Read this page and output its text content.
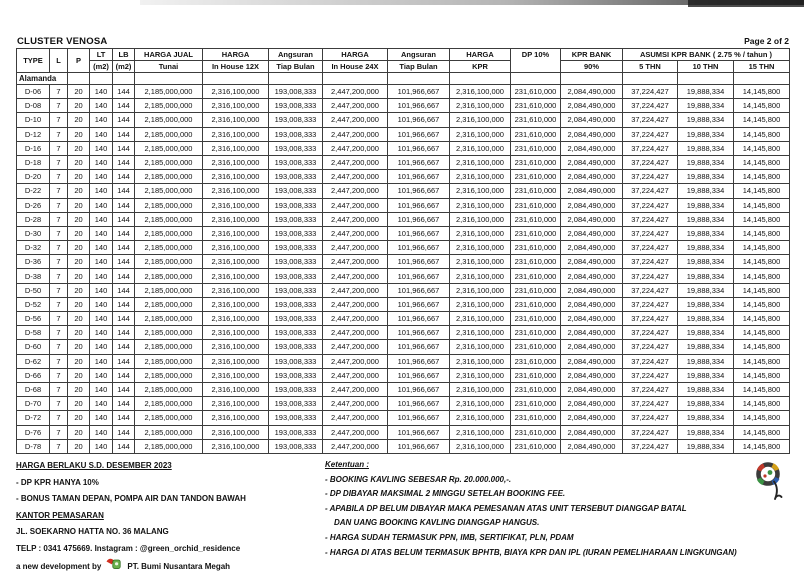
CLUSTER VENOSA	Page 2 of 2
TYPE	L	P	LT	LB	HARGA JUAL	HARGA	Angsuran	HARGA	Angsuran	HARGA	DP 10%	KPR BANK	ASUMSI KPR BANK ( 2.75 % / tahun )		
			(m2)	(m2)	Tunai	In House 12X	Tiap Bulan	In House 24X	Tiap Bulan	KPR		90%	5 THN	10 THN	15 THN
Alamanda															
D-06	7	20	140	144	2,185,000,000	2,316,100,000	193,008,333	2,447,200,000	101,966,667	2,316,100,000	231,610,000	2,084,490,000	37,224,427	19,888,334	14,145,800
D-08	7	20	140	144	2,185,000,000	2,316,100,000	193,008,333	2,447,200,000	101,966,667	2,316,100,000	231,610,000	2,084,490,000	37,224,427	19,888,334	14,145,800
D-10	7	20	140	144	2,185,000,000	2,316,100,000	193,008,333	2,447,200,000	101,966,667	2,316,100,000	231,610,000	2,084,490,000	37,224,427	19,888,334	14,145,800
D-12	7	20	140	144	2,185,000,000	2,316,100,000	193,008,333	2,447,200,000	101,966,667	2,316,100,000	231,610,000	2,084,490,000	37,224,427	19,888,334	14,145,800
D-16	7	20	140	144	2,185,000,000	2,316,100,000	193,008,333	2,447,200,000	101,966,667	2,316,100,000	231,610,000	2,084,490,000	37,224,427	19,888,334	14,145,800
D-18	7	20	140	144	2,185,000,000	2,316,100,000	193,008,333	2,447,200,000	101,966,667	2,316,100,000	231,610,000	2,084,490,000	37,224,427	19,888,334	14,145,800
D-20	7	20	140	144	2,185,000,000	2,316,100,000	193,008,333	2,447,200,000	101,966,667	2,316,100,000	231,610,000	2,084,490,000	37,224,427	19,888,334	14,145,800
D-22	7	20	140	144	2,185,000,000	2,316,100,000	193,008,333	2,447,200,000	101,966,667	2,316,100,000	231,610,000	2,084,490,000	37,224,427	19,888,334	14,145,800
D-26	7	20	140	144	2,185,000,000	2,316,100,000	193,008,333	2,447,200,000	101,966,667	2,316,100,000	231,610,000	2,084,490,000	37,224,427	19,888,334	14,145,800
D-28	7	20	140	144	2,185,000,000	2,316,100,000	193,008,333	2,447,200,000	101,966,667	2,316,100,000	231,610,000	2,084,490,000	37,224,427	19,888,334	14,145,800
D-30	7	20	140	144	2,185,000,000	2,316,100,000	193,008,333	2,447,200,000	101,966,667	2,316,100,000	231,610,000	2,084,490,000	37,224,427	19,888,334	14,145,800
D-32	7	20	140	144	2,185,000,000	2,316,100,000	193,008,333	2,447,200,000	101,966,667	2,316,100,000	231,610,000	2,084,490,000	37,224,427	19,888,334	14,145,800
D-36	7	20	140	144	2,185,000,000	2,316,100,000	193,008,333	2,447,200,000	101,966,667	2,316,100,000	231,610,000	2,084,490,000	37,224,427	19,888,334	14,145,800
D-38	7	20	140	144	2,185,000,000	2,316,100,000	193,008,333	2,447,200,000	101,966,667	2,316,100,000	231,610,000	2,084,490,000	37,224,427	19,888,334	14,145,800
D-50	7	20	140	144	2,185,000,000	2,316,100,000	193,008,333	2,447,200,000	101,966,667	2,316,100,000	231,610,000	2,084,490,000	37,224,427	19,888,334	14,145,800
D-52	7	20	140	144	2,185,000,000	2,316,100,000	193,008,333	2,447,200,000	101,966,667	2,316,100,000	231,610,000	2,084,490,000	37,224,427	19,888,334	14,145,800
D-56	7	20	140	144	2,185,000,000	2,316,100,000	193,008,333	2,447,200,000	101,966,667	2,316,100,000	231,610,000	2,084,490,000	37,224,427	19,888,334	14,145,800
D-58	7	20	140	144	2,185,000,000	2,316,100,000	193,008,333	2,447,200,000	101,966,667	2,316,100,000	231,610,000	2,084,490,000	37,224,427	19,888,334	14,145,800
D-60	7	20	140	144	2,185,000,000	2,316,100,000	193,008,333	2,447,200,000	101,966,667	2,316,100,000	231,610,000	2,084,490,000	37,224,427	19,888,334	14,145,800
D-62	7	20	140	144	2,185,000,000	2,316,100,000	193,008,333	2,447,200,000	101,966,667	2,316,100,000	231,610,000	2,084,490,000	37,224,427	19,888,334	14,145,800
D-66	7	20	140	144	2,185,000,000	2,316,100,000	193,008,333	2,447,200,000	101,966,667	2,316,100,000	231,610,000	2,084,490,000	37,224,427	19,888,334	14,145,800
D-68	7	20	140	144	2,185,000,000	2,316,100,000	193,008,333	2,447,200,000	101,966,667	2,316,100,000	231,610,000	2,084,490,000	37,224,427	19,888,334	14,145,800
D-70	7	20	140	144	2,185,000,000	2,316,100,000	193,008,333	2,447,200,000	101,966,667	2,316,100,000	231,610,000	2,084,490,000	37,224,427	19,888,334	14,145,800
D-72	7	20	140	144	2,185,000,000	2,316,100,000	193,008,333	2,447,200,000	101,966,667	2,316,100,000	231,610,000	2,084,490,000	37,224,427	19,888,334	14,145,800
D-76	7	20	140	144	2,185,000,000	2,316,100,000	193,008,333	2,447,200,000	101,966,667	2,316,100,000	231,610,000	2,084,490,000	37,224,427	19,888,334	14,145,800
D-78	7	20	140	144	2,185,000,000	2,316,100,000	193,008,333	2,447,200,000	101,966,667	2,316,100,000	231,610,000	2,084,490,000	37,224,427	19,888,334	14,145,800
HARGA BERLAKU S.D. DESEMBER 2023
- DP KPR HANYA 10%
- BONUS TAMAN DEPAN, POMPA AIR DAN TANDON BAWAH
KANTOR PEMASARAN
JL. SOEKARNO HATTA NO. 36 MALANG
TELP : 0341 475669. Instagram : @green_orchid_residence
a new development by	PT. Bumi Nusantara Megah
Ketentuan :
- BOOKING KAVLING SEBESAR Rp. 20.000.000,-.
- DP DIBAYAR MAKSIMAL 2 MINGGU SETELAH BOOKING FEE.
- APABILA DP BELUM DIBAYAR MAKA PEMESANAN ATAS UNIT TERSEBUT DIANGGAP BATAL
DAN UANG BOOKING KAVLING DIANGGAP HANGUS.
- HARGA SUDAH TERMASUK PPN, IMB, SERTIFIKAT, PLN, PDAM
- HARGA DI ATAS BELUM TERMASUK BPHTB, BIAYA KPR DAN IPL (IURAN PEMELIHARAAN LINGKUNGAN)
